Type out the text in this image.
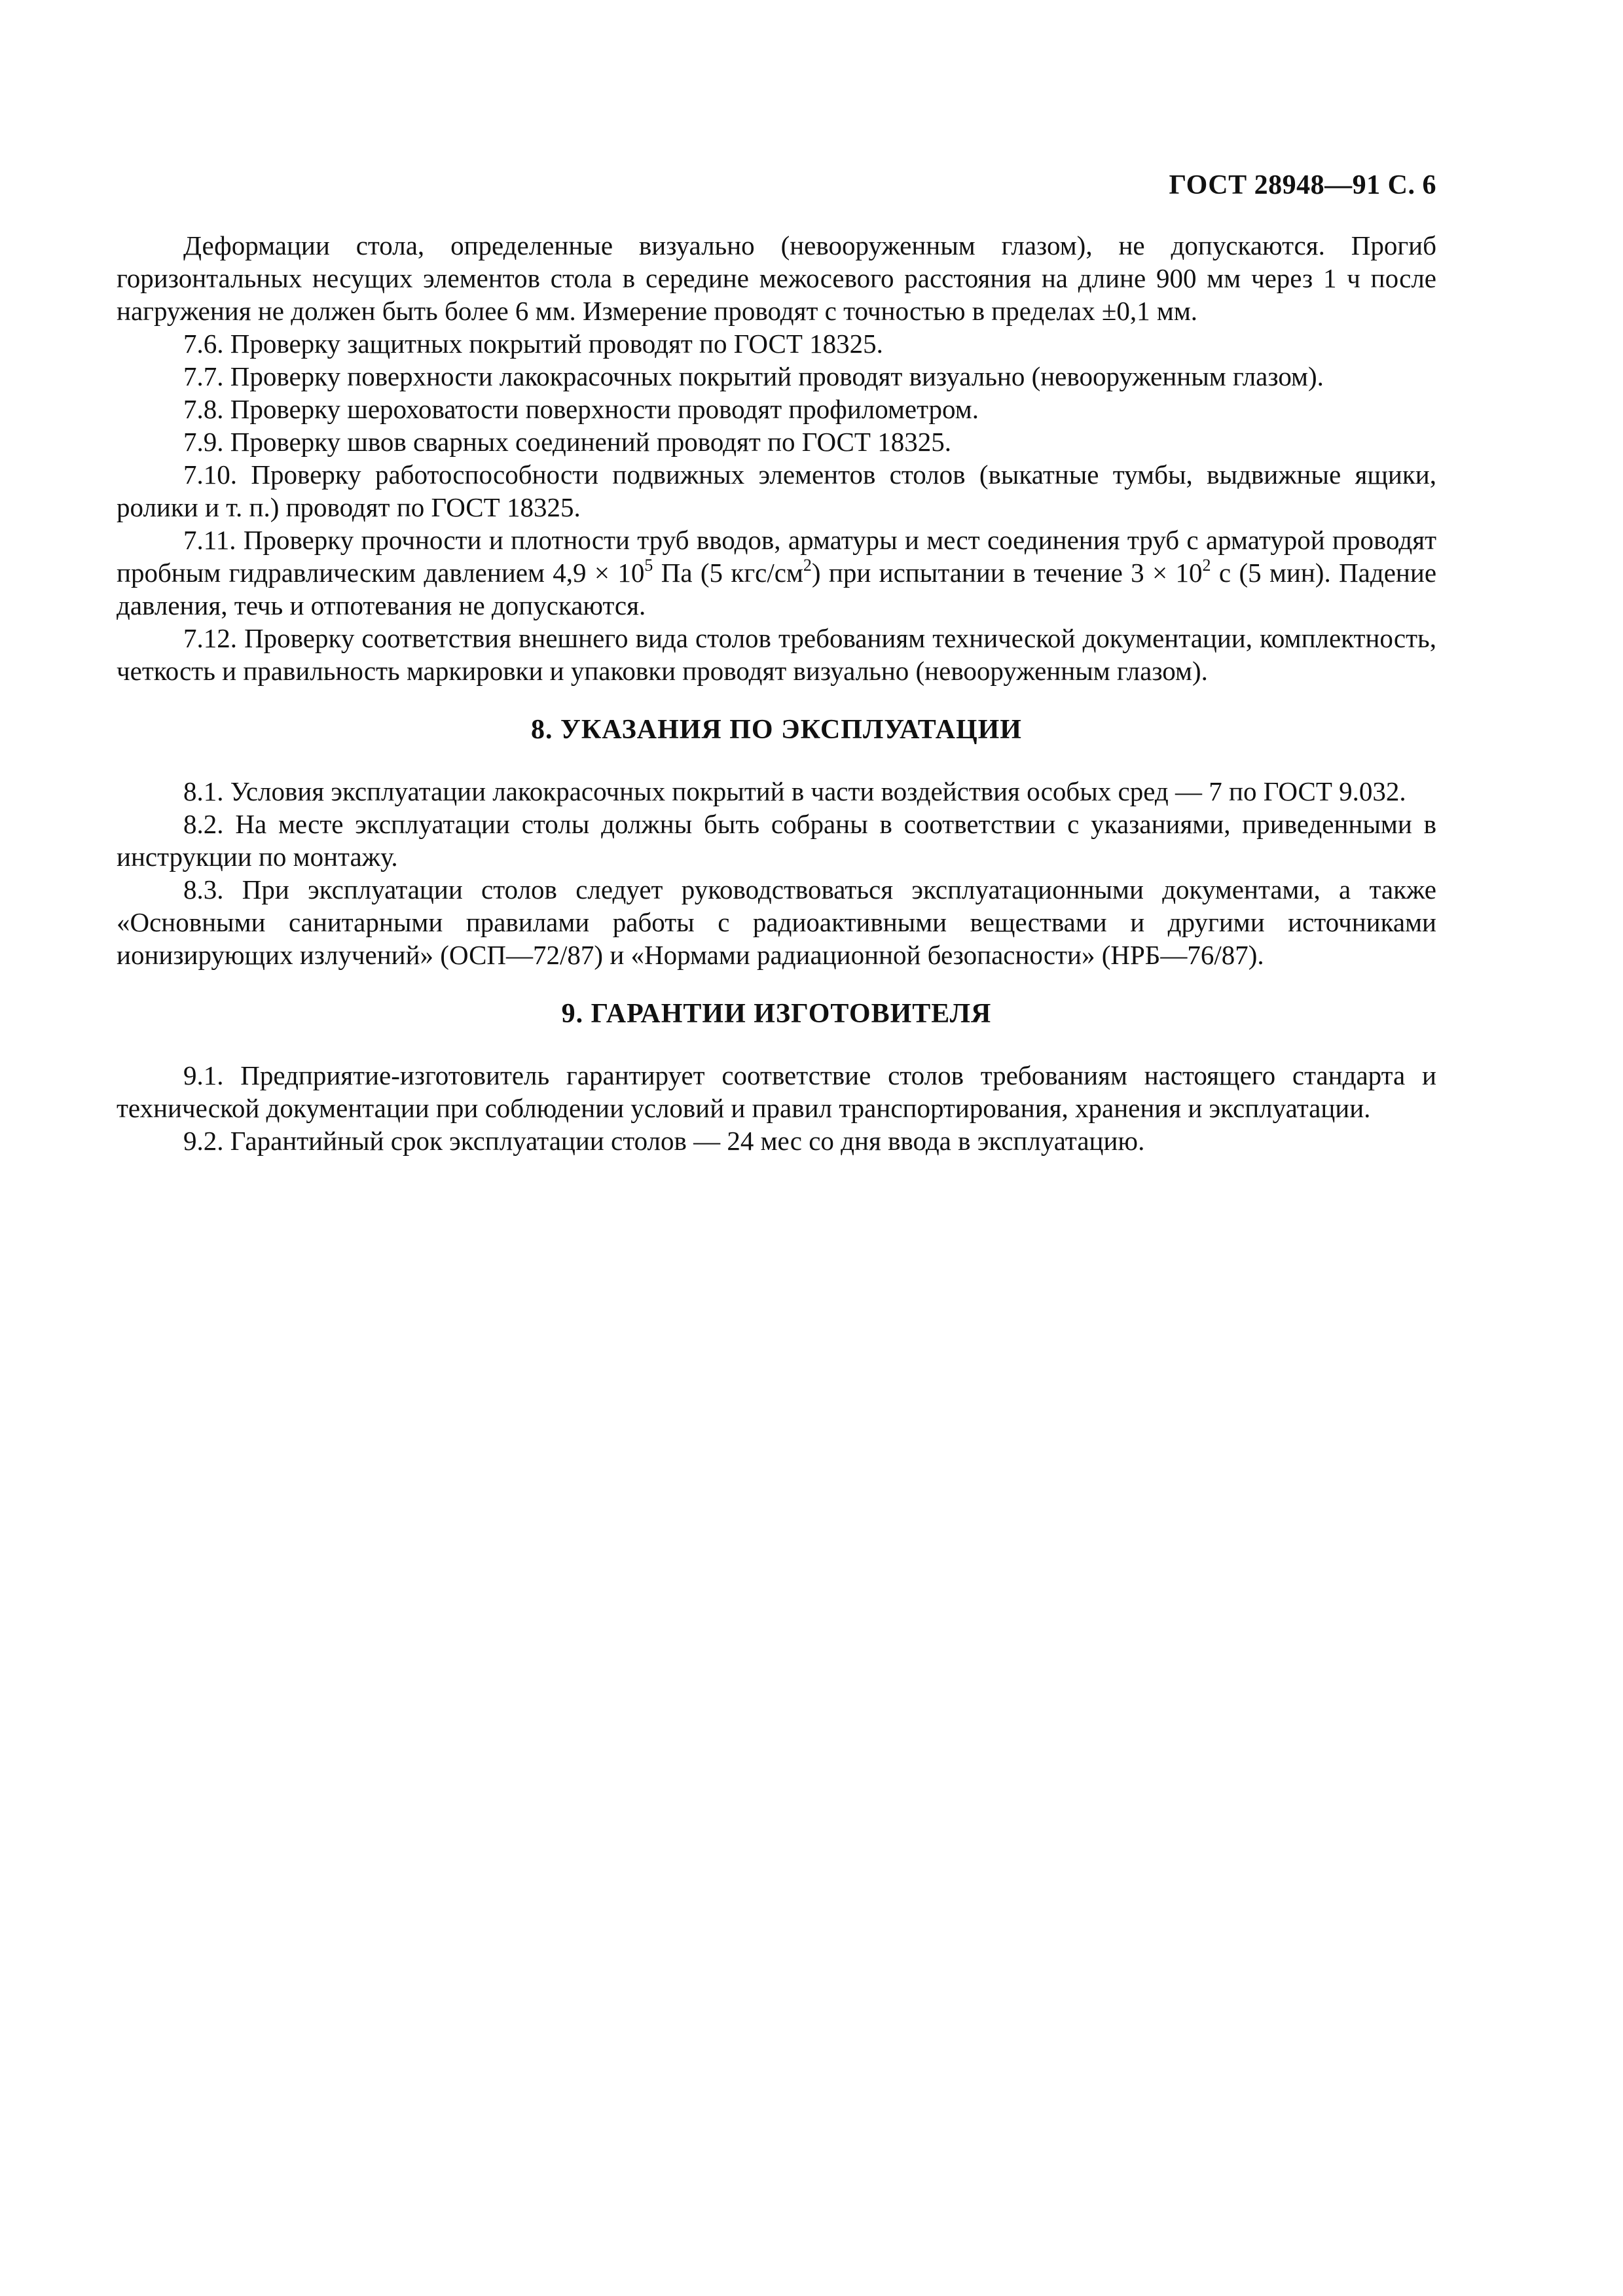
ГОСТ 28948—91 С. 6

Деформации стола, определенные визуально (невооруженным глазом), не допускаются. Прогиб горизонтальных несущих элементов стола в середине межосевого расстояния на длине 900 мм через 1 ч после нагружения не должен быть более 6 мм. Измерение проводят с точностью в пределах ±0,1 мм.

7.6. Проверку защитных покрытий проводят по ГОСТ 18325.

7.7. Проверку поверхности лакокрасочных покрытий проводят визуально (невооруженным глазом).

7.8. Проверку шероховатости поверхности проводят профилометром.

7.9. Проверку швов сварных соединений проводят по ГОСТ 18325.

7.10. Проверку работоспособности подвижных элементов столов (выкатные тумбы, выдвижные ящики, ролики и т. п.) проводят по ГОСТ 18325.

7.11. Проверку прочности и плотности труб вводов, арматуры и мест соединения труб с арматурой проводят пробным гидравлическим давлением $4,9 \times 10^5$ Па (5 кгс/$см^2$) при испытании в течение $3 \times 10^2$ с (5 мин). Падение давления, течь и отпотевания не допускаются.

7.12. Проверку соответствия внешнего вида столов требованиям технической документации, комплектность, четкость и правильность маркировки и упаковки проводят визуально (невооруженным глазом).

8. УКАЗАНИЯ ПО ЭКСПЛУАТАЦИИ

8.1. Условия эксплуатации лакокрасочных покрытий в части воздействия особых сред — 7 по ГОСТ 9.032.

8.2. На месте эксплуатации столы должны быть собраны в соответствии с указаниями, приведенными в инструкции по монтажу.

8.3. При эксплуатации столов следует руководствоваться эксплуатационными документами, а также «Основными санитарными правилами работы с радиоактивными веществами и другими источниками ионизирующих излучений» (ОСП—72/87) и «Нормами радиационной безопасности» (НРБ—76/87).

9. ГАРАНТИИ ИЗГОТОВИТЕЛЯ

9.1. Предприятие-изготовитель гарантирует соответствие столов требованиям настоящего стандарта и технической документации при соблюдении условий и правил транспортирования, хранения и эксплуатации.

9.2. Гарантийный срок эксплуатации столов — 24 мес со дня ввода в эксплуатацию.
